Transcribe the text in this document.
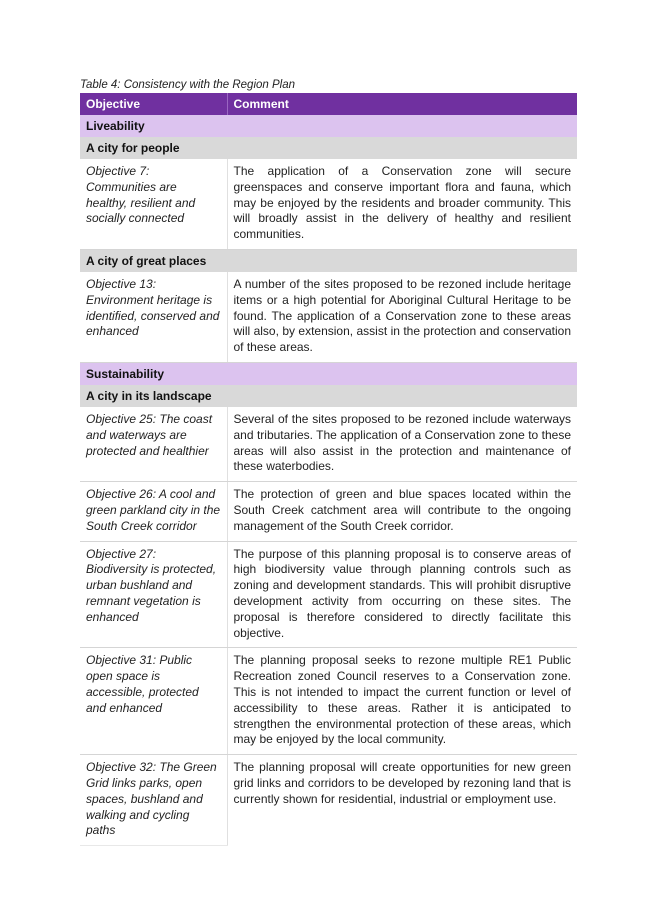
Table 4: Consistency with the Region Plan
Objective	Comment
Liveability	
A city for people	
Objective 7: Communities are healthy, resilient and socially connected	The application of a Conservation zone will secure greenspaces and conserve important flora and fauna, which may be enjoyed by the residents and broader community. This will broadly assist in the delivery of healthy and resilient communities.
A city of great places	
Objective 13: Environment heritage is identified, conserved and enhanced	A number of the sites proposed to be rezoned include heritage items or a high potential for Aboriginal Cultural Heritage to be found. The application of a Conservation zone to these areas will also, by extension, assist in the protection and conservation of these areas.
Sustainability	
A city in its landscape	
Objective 25: The coast and waterways are protected and healthier	Several of the sites proposed to be rezoned include waterways and tributaries. The application of a Conservation zone to these areas will also assist in the protection and maintenance of these waterbodies.
Objective 26: A cool and green parkland city in the South Creek corridor	The protection of green and blue spaces located within the South Creek catchment area will contribute to the ongoing management of the South Creek corridor.
Objective 27: Biodiversity is protected, urban bushland and remnant vegetation is enhanced	The purpose of this planning proposal is to conserve areas of high biodiversity value through planning controls such as zoning and development standards. This will prohibit disruptive development activity from occurring on these sites. The proposal is therefore considered to directly facilitate this objective.
Objective 31: Public open space is accessible, protected and enhanced	The planning proposal seeks to rezone multiple RE1 Public Recreation zoned Council reserves to a Conservation zone. This is not intended to impact the current function or level of accessibility to these areas. Rather it is anticipated to strengthen the environmental protection of these areas, which may be enjoyed by the local community.
Objective 32: The Green Grid links parks, open spaces, bushland and walking and cycling paths	The planning proposal will create opportunities for new green grid links and corridors to be developed by rezoning land that is currently shown for residential, industrial or employment use.
